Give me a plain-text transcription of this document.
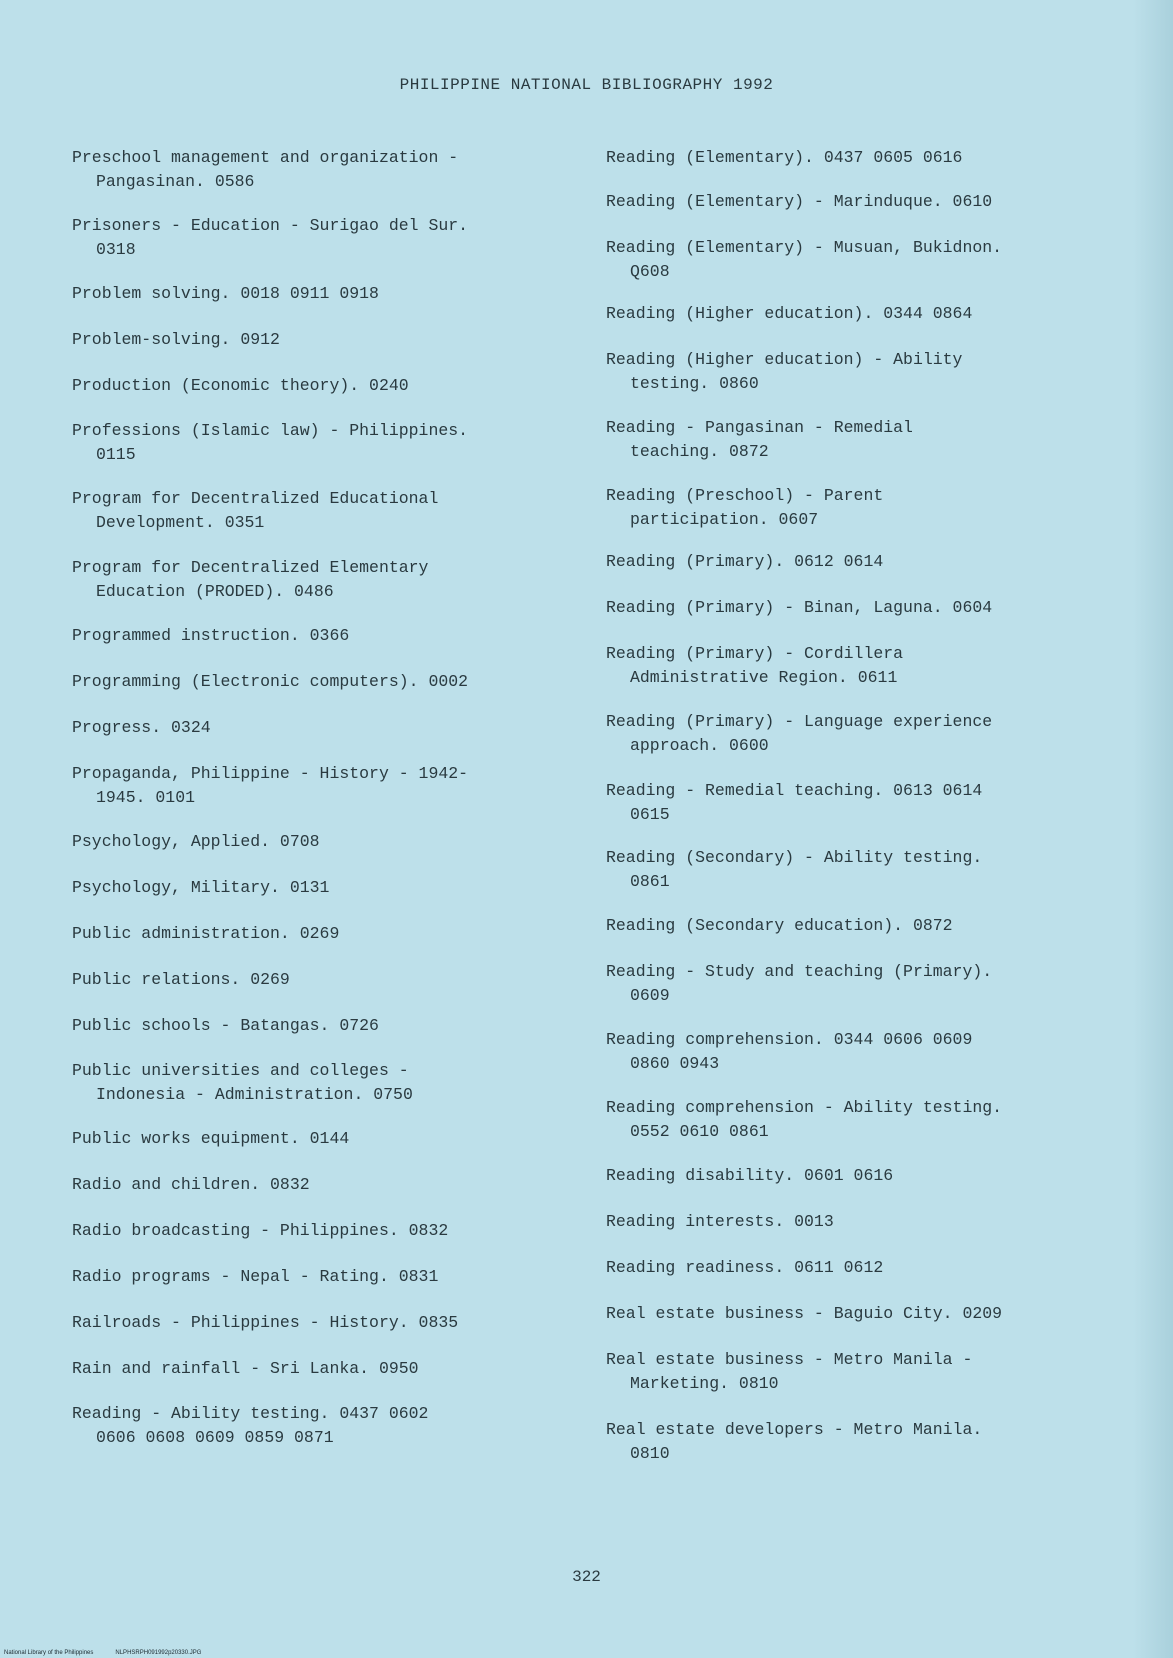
PHILIPPINE NATIONAL BIBLIOGRAPHY 1992
Preschool management and organization -
Pangasinan. 0586
Prisoners - Education - Surigao del Sur.
0318
Problem solving. 0018 0911 0918
Problem-solving. 0912
Production (Economic theory). 0240
Professions (Islamic law) - Philippines.
0115
Program for Decentralized Educational
Development. 0351
Program for Decentralized Elementary
Education (PRODED). 0486
Programmed instruction. 0366
Programming (Electronic computers). 0002
Progress. 0324
Propaganda, Philippine - History - 1942-
1945. 0101
Psychology, Applied. 0708
Psychology, Military. 0131
Public administration. 0269
Public relations. 0269
Public schools - Batangas. 0726
Public universities and colleges -
Indonesia - Administration. 0750
Public works equipment. 0144
Radio and children. 0832
Radio broadcasting - Philippines. 0832
Radio programs - Nepal - Rating. 0831
Railroads - Philippines - History. 0835
Rain and rainfall - Sri Lanka. 0950
Reading - Ability testing. 0437 0602
0606 0608 0609 0859 0871
Reading (Elementary). 0437 0605 0616
Reading (Elementary) - Marinduque. 0610
Reading (Elementary) - Musuan, Bukidnon.
Q608
Reading (Higher education). 0344 0864
Reading (Higher education) - Ability
testing. 0860
Reading - Pangasinan - Remedial
teaching. 0872
Reading (Preschool) - Parent
participation. 0607
Reading (Primary). 0612 0614
Reading (Primary) - Binan, Laguna. 0604
Reading (Primary) - Cordillera
Administrative Region. 0611
Reading (Primary) - Language experience
approach. 0600
Reading - Remedial teaching. 0613 0614
0615
Reading (Secondary) - Ability testing.
0861
Reading (Secondary education). 0872
Reading - Study and teaching (Primary).
0609
Reading comprehension. 0344 0606 0609
0860 0943
Reading comprehension - Ability testing.
0552 0610 0861
Reading disability. 0601 0616
Reading interests. 0013
Reading readiness. 0611 0612
Real estate business - Baguio City. 0209
Real estate business - Metro Manila -
Marketing. 0810
Real estate developers - Metro Manila.
0810
322
National Library of the Philippines	NLPHSRPH091992p20330.JPG
